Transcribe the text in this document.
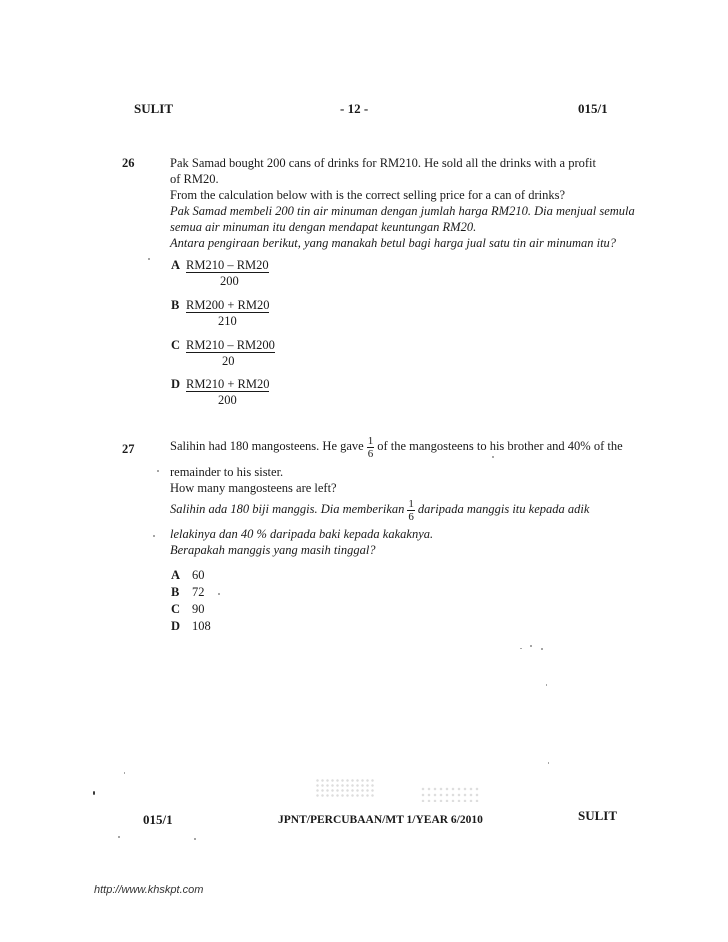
SULIT	- 12 -	015/1
26	Pak Samad bought 200 cans of drinks for RM210. He sold all the drinks with a profit
of RM20.
From the calculation below with is the correct selling price for a can of drinks?
Pak Samad membeli 200 tin air minuman dengan jumlah harga RM210. Dia menjual semula
semua air minuman itu dengan mendapat keuntungan RM20.
Antara pengiraan berikut, yang manakah betul bagi harga jual satu tin air minuman itu?
A RM210 – RM20
200
B RM200 + RM20
210
C RM210 – RM200
20
D RM210 + RM20
200
27	Salihin had 180 mangosteens. He gave $\frac{1}{6}$ of the mangosteens to his brother and 40% of the
remainder to his sister.
How many mangosteens are left?
Salihin ada 180 biji manggis. Dia memberikan $\frac{1}{6}$ daripada manggis itu kepada adik
lelakinya dan 40 % daripada baki kepada kakaknya.
Berapakah manggis yang masih tinggal?
A 60
B 72
C 90
D 108
015/1	JPNT/PERCUBAAN/MT 1/YEAR 6/2010	SULIT
http://www.khskpt.com
